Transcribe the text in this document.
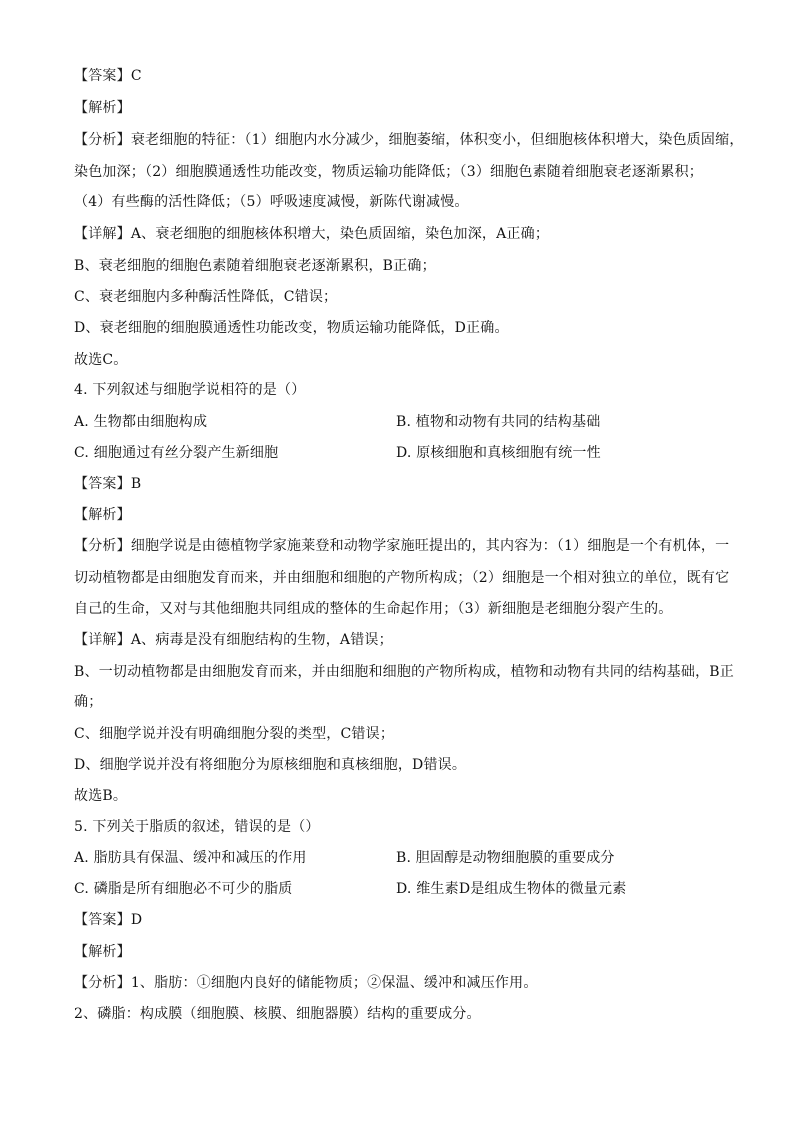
【答案】C
【解析】
【分析】衰老细胞的特征：（1）细胞内水分减少，细胞萎缩，体积变小，但细胞核体积增大，染色质固缩，
染色加深；（2）细胞膜通透性功能改变，物质运输功能降低；（3）细胞色素随着细胞衰老逐渐累积；
（4）有些酶的活性降低；（5）呼吸速度减慢，新陈代谢减慢。
【详解】A、衰老细胞的细胞核体积增大，染色质固缩，染色加深，A正确；
B、衰老细胞的细胞色素随着细胞衰老逐渐累积，B正确；
C、衰老细胞内多种酶活性降低，C错误；
D、衰老细胞的细胞膜通透性功能改变，物质运输功能降低，D正确。
故选C。
4. 下列叙述与细胞学说相符的是（）
A. 生物都由细胞构成	B. 植物和动物有共同的结构基础
C. 细胞通过有丝分裂产生新细胞	D. 原核细胞和真核细胞有统一性
【答案】B
【解析】
【分析】细胞学说是由德植物学家施莱登和动物学家施旺提出的，其内容为：（1）细胞是一个有机体，一
切动植物都是由细胞发育而来，并由细胞和细胞的产物所构成；（2）细胞是一个相对独立的单位，既有它
自己的生命，又对与其他细胞共同组成的整体的生命起作用；（3）新细胞是老细胞分裂产生的。
【详解】A、病毒是没有细胞结构的生物，A错误；
B、一切动植物都是由细胞发育而来，并由细胞和细胞的产物所构成，植物和动物有共同的结构基础，B正
确；
C、细胞学说并没有明确细胞分裂的类型，C错误；
D、细胞学说并没有将细胞分为原核细胞和真核细胞，D错误。
故选B。
5. 下列关于脂质的叙述，错误的是（）
A. 脂肪具有保温、缓冲和减压的作用	B. 胆固醇是动物细胞膜的重要成分
C. 磷脂是所有细胞必不可少的脂质	D. 维生素D是组成生物体的微量元素
【答案】D
【解析】
【分析】1、脂肪：①细胞内良好的储能物质；②保温、缓冲和减压作用。
2、磷脂：构成膜（细胞膜、核膜、细胞器膜）结构的重要成分。
